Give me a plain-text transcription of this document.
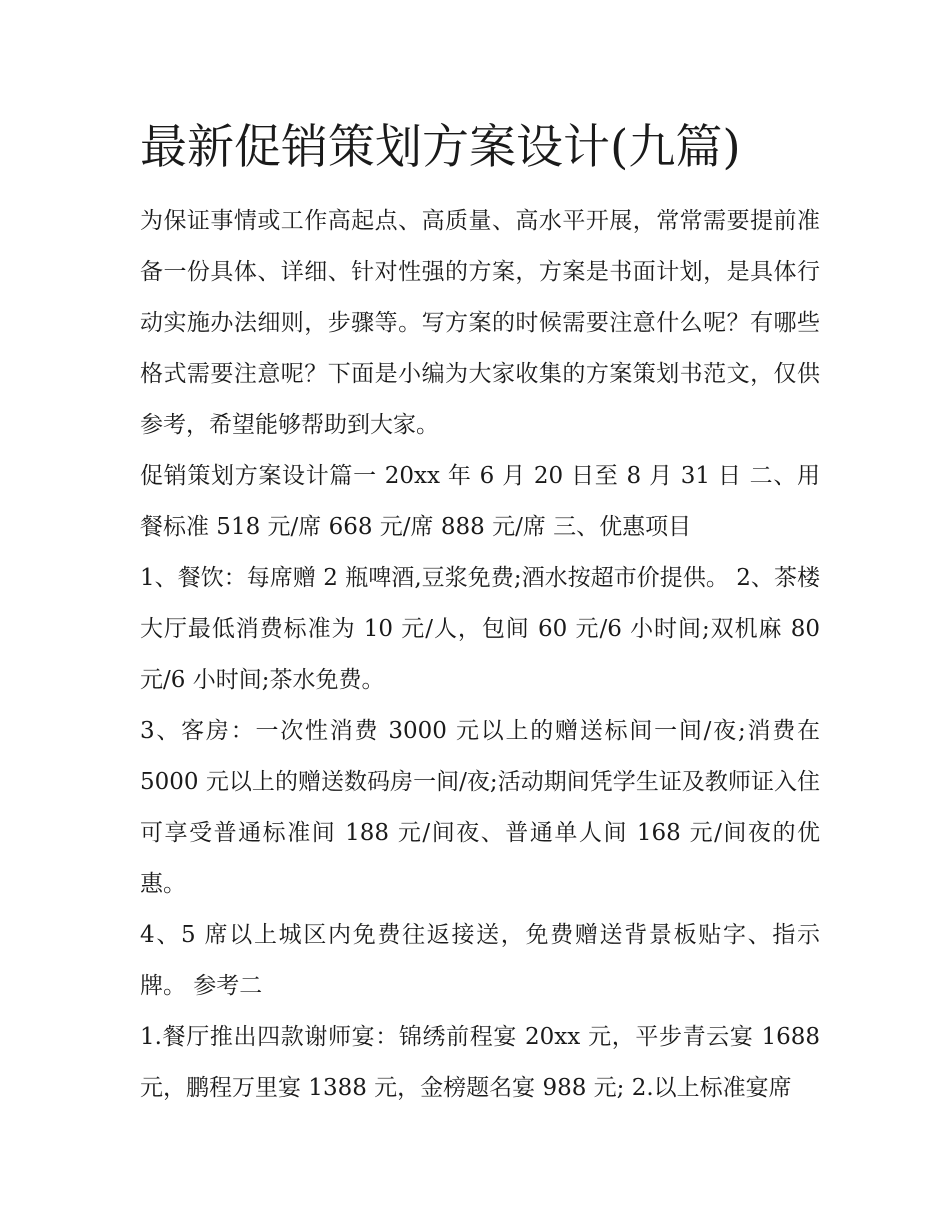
最新促销策划方案设计(九篇)

为保证事情或工作高起点、高质量、高水平开展，常常需要提前准备一份具体、详细、针对性强的方案，方案是书面计划，是具体行动实施办法细则，步骤等。写方案的时候需要注意什么呢？有哪些格式需要注意呢？下面是小编为大家收集的方案策划书范文，仅供参考，希望能够帮助到大家。

促销策划方案设计篇一 20xx 年 6 月 20 日至 8 月 31 日 二、用餐标准 518 元/席 668 元/席 888 元/席 三、优惠项目

1、餐饮：每席赠 2 瓶啤酒,豆浆免费;酒水按超市价提供。 2、茶楼大厅最低消费标准为 10 元/人，包间 60 元/6 小时间;双机麻 80 元/6 小时间;茶水免费。

3、客房：一次性消费 3000 元以上的赠送标间一间/夜;消费在 5000 元以上的赠送数码房一间/夜;活动期间凭学生证及教师证入住可享受普通标准间 188 元/间夜、普通单人间 168 元/间夜的优惠。

4、5 席以上城区内免费往返接送，免费赠送背景板贴字、指示牌。 参考二

1.餐厅推出四款谢师宴：锦绣前程宴 20xx 元，平步青云宴 1688 元，鹏程万里宴 1388 元，金榜题名宴 988 元; 2.以上标准宴席
